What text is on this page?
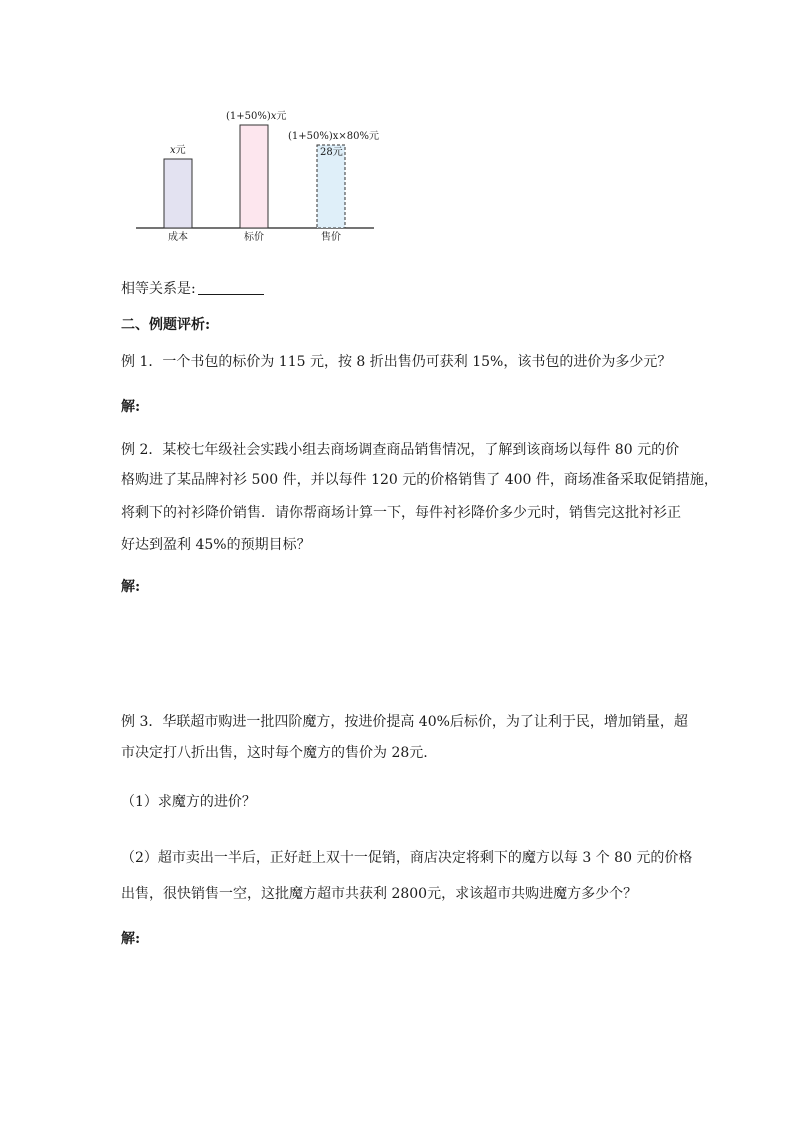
x元
(1+50%)x元
(1+50%)x×80%元
28元
成本	标价	售价
相等关系是:
二、例题评析:
例 1．一个书包的标价为 115 元，按 8 折出售仍可获利 15%，该书包的进价为多少元？
解:
例 2．某校七年级社会实践小组去商场调查商品销售情况，了解到该商场以每件 80 元的价
格购进了某品牌衬衫 500 件，并以每件 120 元的价格销售了 400 件，商场准备采取促销措施，
将剩下的衬衫降价销售．请你帮商场计算一下，每件衬衫降价多少元时，销售完这批衬衫正
好达到盈利 45%的预期目标？
解:
例 3．华联超市购进一批四阶魔方，按进价提高 40%后标价，为了让利于民，增加销量，超
市决定打八折出售，这时每个魔方的售价为 28元.
（1）求魔方的进价？
（2）超市卖出一半后，正好赶上双十一促销，商店决定将剩下的魔方以每 3 个 80 元的价格
出售，很快销售一空，这批魔方超市共获利 2800元，求该超市共购进魔方多少个？
解:
